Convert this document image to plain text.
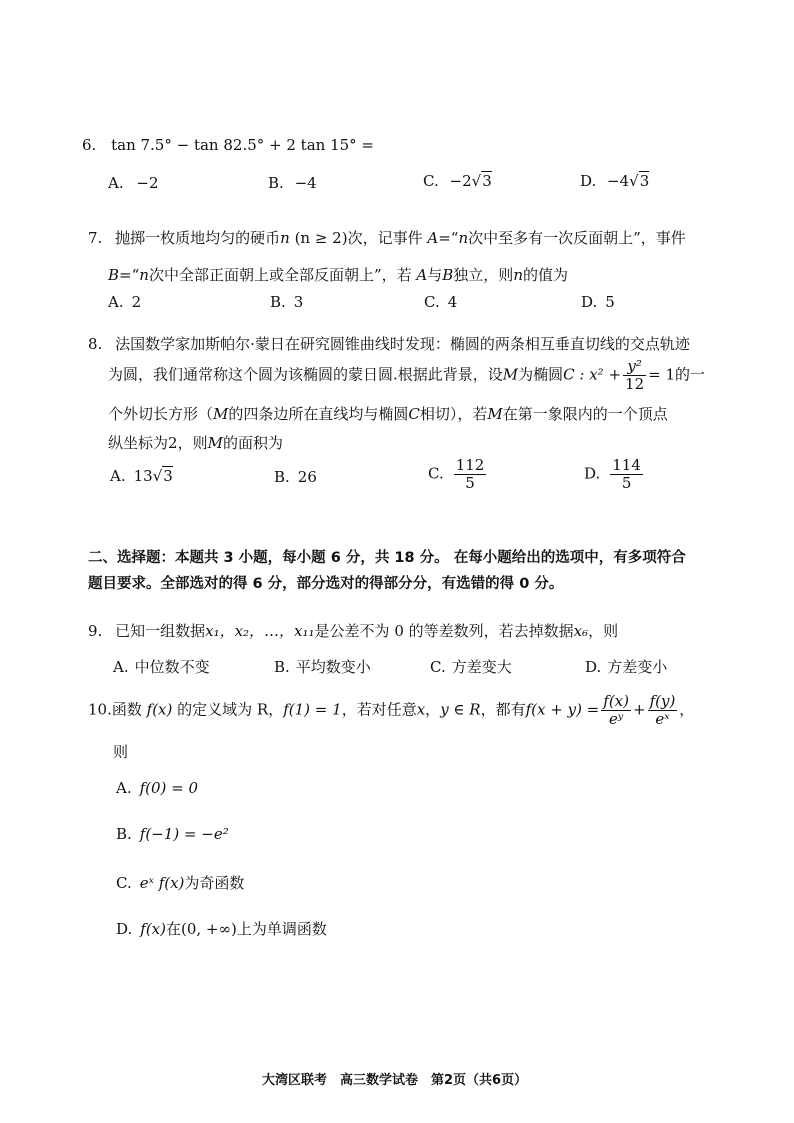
6. tan 7.5° − tan 82.5° + 2 tan 15° =
A. −2	B. −4	C. −2√3	D. −4√3
7. 抛掷一枚质地均匀的硬币n (n ≥ 2)次，记事件 A=“n次中至多有一次反面朝上”，事件
B=“n次中全部正面朝上或全部反面朝上”，若 A与B独立，则n的值为
A. 2	B. 3	C. 4	D. 5
8. 法国数学家加斯帕尔·蒙日在研究圆锥曲线时发现：椭圆的两条相互垂直切线的交点轨迹
为圆，我们通常称这个圆为该椭圆的蒙日圆.根据此背景，设M为椭圆C : $x^2 + \frac{\text{y²}}{12} = 1$的一
个外切长方形（M的四条边所在直线均与椭圆C相切），若M在第一象限内的一个顶点
纵坐标为2，则M的面积为
A. 13√3	B. 26	C. $\frac{112}{5}$	D. $\frac{114}{5}$
二、选择题：本题共 3 小题，每小题 6 分，共 18 分。 在每小题给出的选项中，有多项符合
题目要求。全部选对的得 6 分，部分选对的得部分分，有选错的得 0 分。
9. 已知一组数据x₁，x₂，…，x₁₁是公差不为 0 的等差数列，若去掉数据x₆，则
A. 中位数不变	B. 平均数变小	C. 方差变大	D. 方差变小
10.函数 f(x) 的定义域为 R，f(1) = 1，若对任意x，y ∈ R，都有$f(x + y) = \frac{f(x)}{\text{eʸ}} + \frac{f(y)}{\text{eˣ}}$ ，
则
A. f(0) = 0
B. f(−1) = −e²
C. eˣ f(x)为奇函数
D. f(x)在(0, +∞)上为单调函数
大湾区联考　高三数学试卷　第2页（共6页）
